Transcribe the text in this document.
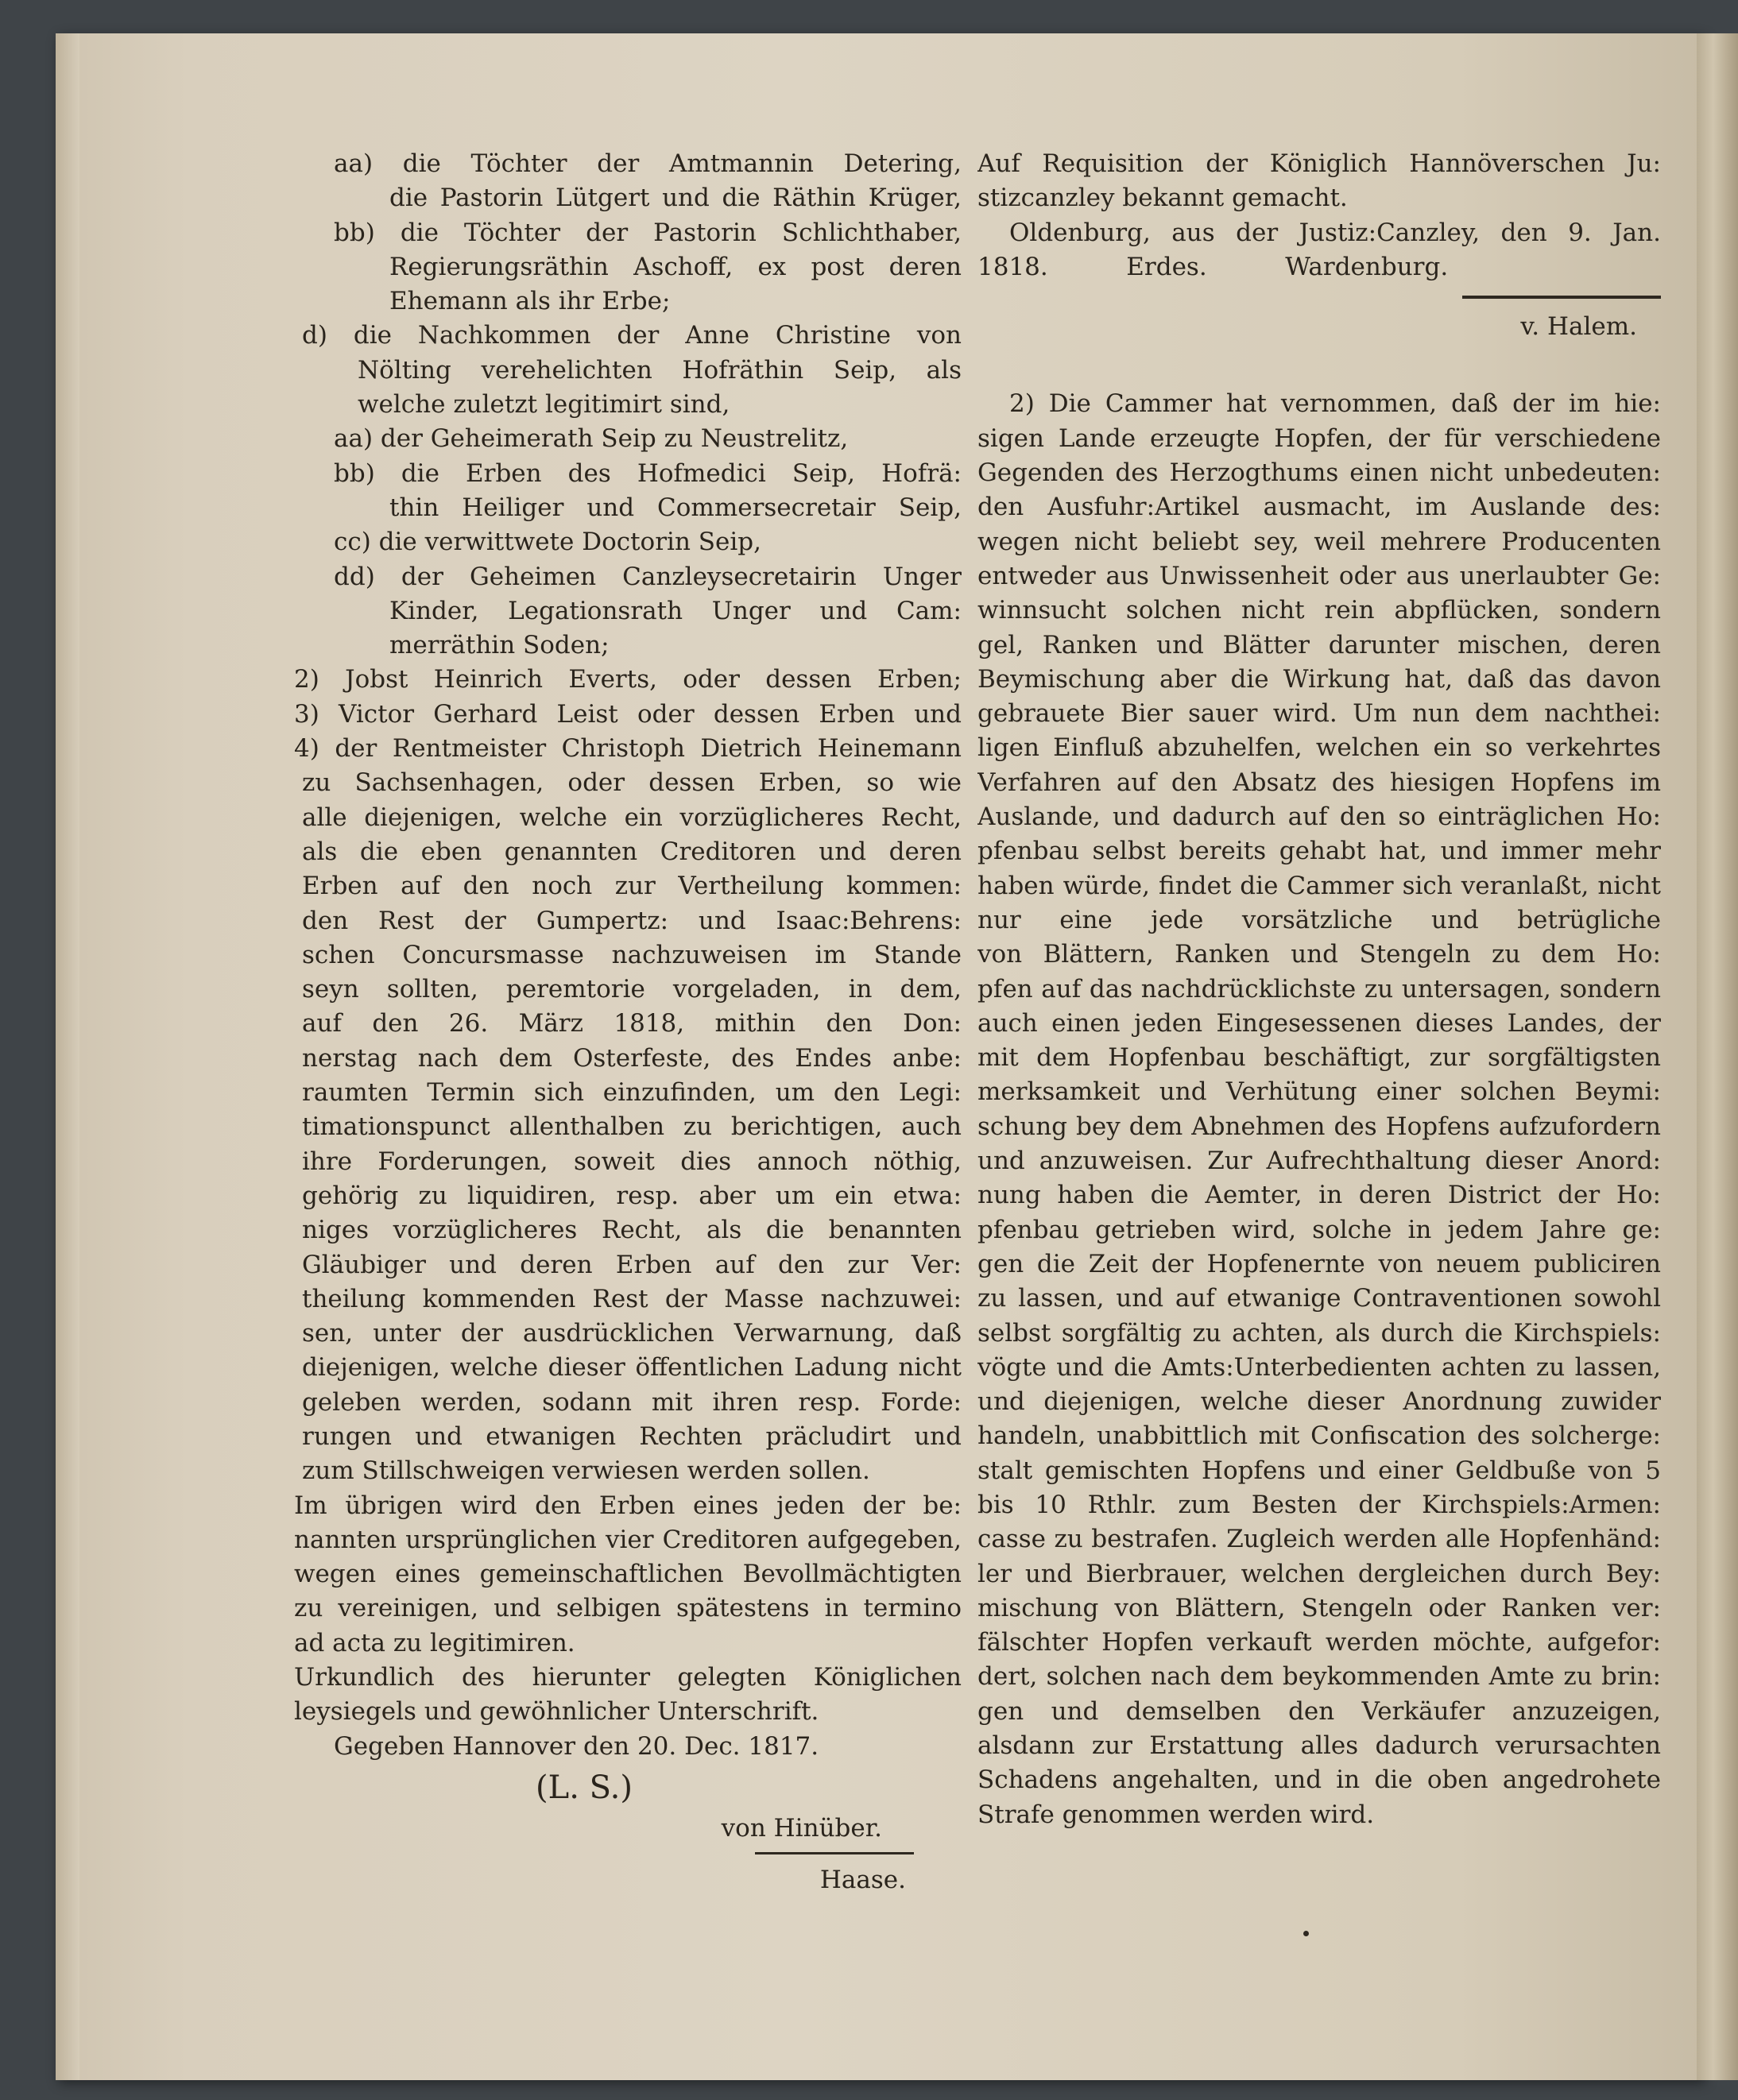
aa) die Töchter der Amtmannin Detering,
die Pastorin Lütgert und die Räthin Krüger,
bb) die Töchter der Pastorin Schlichthaber,
Regierungsräthin Aschoff, ex post deren
Ehemann als ihr Erbe;
d) die Nachkommen der Anne Christine von
Nölting verehelichten Hofräthin Seip, als
welche zuletzt legitimirt sind,
aa) der Geheimerath Seip zu Neustrelitz,
bb) die Erben des Hofmedici Seip, Hofrä:
thin Heiliger und Commersecretair Seip,
cc) die verwittwete Doctorin Seip,
dd) der Geheimen Canzleysecretairin Unger
Kinder, Legationsrath Unger und Cam:
merräthin Soden;
2) Jobst Heinrich Everts, oder dessen Erben;
3) Victor Gerhard Leist oder dessen Erben und
4) der Rentmeister Christoph Dietrich Heinemann
zu Sachsenhagen, oder dessen Erben, so wie
alle diejenigen, welche ein vorzüglicheres Recht,
als die eben genannten Creditoren und deren
Erben auf den noch zur Vertheilung kommen:
den Rest der Gumpertz: und Isaac:Behrens:
schen Concursmasse nachzuweisen im Stande
seyn sollten, peremtorie vorgeladen, in dem,
auf den 26. März 1818, mithin den Don:
nerstag nach dem Osterfeste, des Endes anbe:
raumten Termin sich einzufinden, um den Legi:
timationspunct allenthalben zu berichtigen, auch
ihre Forderungen, soweit dies annoch nöthig,
gehörig zu liquidiren, resp. aber um ein etwa:
niges vorzüglicheres Recht, als die benannten
Gläubiger und deren Erben auf den zur Ver:
theilung kommenden Rest der Masse nachzuwei:
sen, unter der ausdrücklichen Verwarnung, daß
diejenigen, welche dieser öffentlichen Ladung nicht
geleben werden, sodann mit ihren resp. Forde:
rungen und etwanigen Rechten präcludirt und
zum Stillschweigen verwiesen werden sollen.
Im übrigen wird den Erben eines jeden der be:
nannten ursprünglichen vier Creditoren aufgegeben,
wegen eines gemeinschaftlichen Bevollmächtigten
zu vereinigen, und selbigen spätestens in termino
ad acta zu legitimiren.
Urkundlich des hierunter gelegten Königlichen
leysiegels und gewöhnlicher Unterschrift.
Gegeben Hannover den 20. Dec. 1817.
(L. S.)
von Hinüber.
Haase.
Auf Requisition der Königlich Hannöverschen Ju:
stizcanzley bekannt gemacht.
Oldenburg, aus der Justiz:Canzley, den 9. Jan.
1818.          Erdes.          Wardenburg.
v. Halem.
2) Die Cammer hat vernommen, daß der im hie:
sigen Lande erzeugte Hopfen, der für verschiedene
Gegenden des Herzogthums einen nicht unbedeuten:
den Ausfuhr:Artikel ausmacht, im Auslande des:
wegen nicht beliebt sey, weil mehrere Producenten
entweder aus Unwissenheit oder aus unerlaubter Ge:
winnsucht solchen nicht rein abpflücken, sondern
gel, Ranken und Blätter darunter mischen, deren
Beymischung aber die Wirkung hat, daß das davon
gebrauete Bier sauer wird. Um nun dem nachthei:
ligen Einfluß abzuhelfen, welchen ein so verkehrtes
Verfahren auf den Absatz des hiesigen Hopfens im
Auslande, und dadurch auf den so einträglichen Ho:
pfenbau selbst bereits gehabt hat, und immer mehr
haben würde, findet die Cammer sich veranlaßt, nicht
nur eine jede vorsätzliche und betrügliche
von Blättern, Ranken und Stengeln zu dem Ho:
pfen auf das nachdrücklichste zu untersagen, sondern
auch einen jeden Eingesessenen dieses Landes, der
mit dem Hopfenbau beschäftigt, zur sorgfältigsten
merksamkeit und Verhütung einer solchen Beymi:
schung bey dem Abnehmen des Hopfens aufzufordern
und anzuweisen. Zur Aufrechthaltung dieser Anord:
nung haben die Aemter, in deren District der Ho:
pfenbau getrieben wird, solche in jedem Jahre ge:
gen die Zeit der Hopfenernte von neuem publiciren
zu lassen, und auf etwanige Contraventionen sowohl
selbst sorgfältig zu achten, als durch die Kirchspiels:
vögte und die Amts:Unterbedienten achten zu lassen,
und diejenigen, welche dieser Anordnung zuwider
handeln, unabbittlich mit Confiscation des solcherge:
stalt gemischten Hopfens und einer Geldbuße von 5
bis 10 Rthlr. zum Besten der Kirchspiels:Armen:
casse zu bestrafen. Zugleich werden alle Hopfenhänd:
ler und Bierbrauer, welchen dergleichen durch Bey:
mischung von Blättern, Stengeln oder Ranken ver:
fälschter Hopfen verkauft werden möchte, aufgefor:
dert, solchen nach dem beykommenden Amte zu brin:
gen und demselben den Verkäufer anzuzeigen,
alsdann zur Erstattung alles dadurch verursachten
Schadens angehalten, und in die oben angedrohete
Strafe genommen werden wird.
